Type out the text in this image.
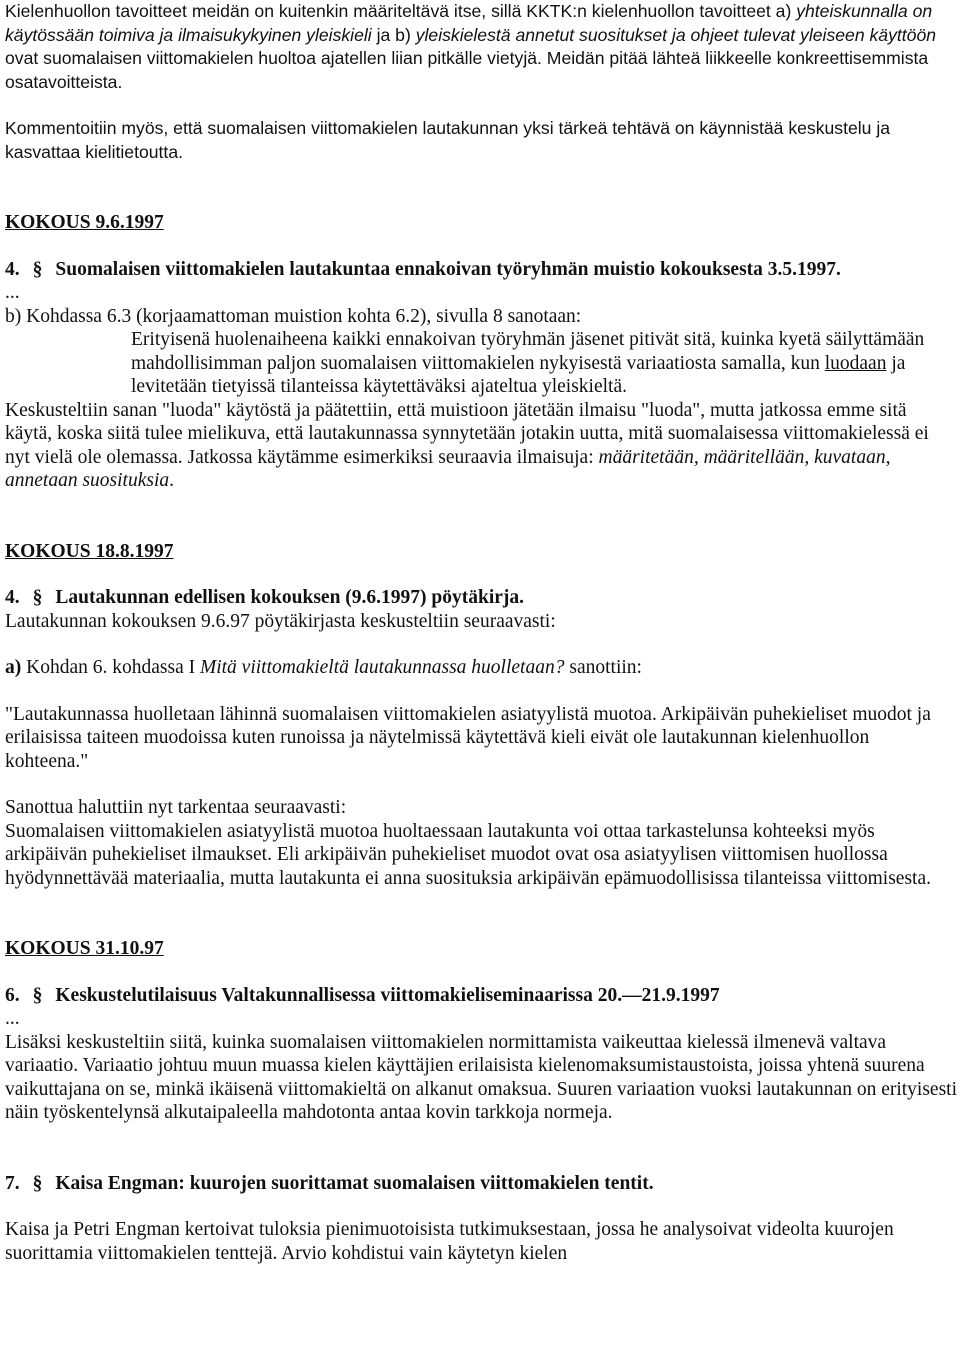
Kielenhuollon tavoitteet meidän on kuitenkin määriteltävä itse, sillä KKTK:n kielenhuollon tavoitteet a) yhteiskunnalla on käytössään toimiva ja ilmaisukykyinen yleiskieli ja b) yleiskielestä annetut suositukset ja ohjeet tulevat yleiseen käyttöön ovat suomalaisen viittomakielen huoltoa ajatellen liian pitkälle vietyjä. Meidän pitää lähteä liikkeelle konkreettisemmista osatavoitteista.

Kommentoitiin myös, että suomalaisen viittomakielen lautakunnan yksi tärkeä tehtävä on käynnistää keskustelu ja kasvattaa kielitietoutta.

KOKOUS 9.6.1997

4. § Suomalaisen viittomakielen lautakuntaa ennakoivan työryhmän muistio kokouksesta 3.5.1997.

...

b) Kohdassa 6.3 (korjaamattoman muistion kohta 6.2), sivulla 8 sanotaan:

Erityisenä huolenaiheena kaikki ennakoivan työryhmän jäsenet pitivät sitä, kuinka kyetä säilyttämään mahdollisimman paljon suomalaisen viittomakielen nykyisestä variaatiosta samalla, kun luodaan ja levitetään tietyissä tilanteissa käytettäväksi ajateltua yleiskieltä.

Keskusteltiin sanan "luoda" käytöstä ja päätettiin, että muistioon jätetään ilmaisu "luoda", mutta jatkossa emme sitä käytä, koska siitä tulee mielikuva, että lautakunnassa synnytetään jotakin uutta, mitä suomalaisessa viittomakielessä ei nyt vielä ole olemassa. Jatkossa käytämme esimerkiksi seuraavia ilmaisuja: määritetään, määritellään, kuvataan, annetaan suosituksia.

KOKOUS 18.8.1997

4. § Lautakunnan edellisen kokouksen (9.6.1997) pöytäkirja.

Lautakunnan kokouksen 9.6.97 pöytäkirjasta keskusteltiin seuraavasti:

a) Kohdan 6. kohdassa I Mitä viittomakieltä lautakunnassa huolletaan? sanottiin:

"Lautakunnassa huolletaan lähinnä suomalaisen viittomakielen asiatyylistä muotoa. Arkipäivän puhekieliset muodot ja erilaisissa taiteen muodoissa kuten runoissa ja näytelmissä käytettävä kieli eivät ole lautakunnan kielenhuollon kohteena."

Sanottua haluttiin nyt tarkentaa seuraavasti:

Suomalaisen viittomakielen asiatyylistä muotoa huoltaessaan lautakunta voi ottaa tarkastelunsa kohteeksi myös arkipäivän puhekieliset ilmaukset. Eli arkipäivän puhekieliset muodot ovat osa asiatyylisen viittomisen huollossa hyödynnettävää materiaalia, mutta lautakunta ei anna suosituksia arkipäivän epämuodollisissa tilanteissa viittomisesta.

KOKOUS 31.10.97

6. § Keskustelutilaisuus Valtakunnallisessa viittomakieliseminaarissa 20.—21.9.1997

...

Lisäksi keskusteltiin siitä, kuinka suomalaisen viittomakielen normittamista vaikeuttaa kielessä ilmenevä valtava variaatio. Variaatio johtuu muun muassa kielen käyttäjien erilaisista kielenomaksumistaustoista, joissa yhtenä suurena vaikuttajana on se, minkä ikäisenä viittomakieltä on alkanut omaksua. Suuren variaation vuoksi lautakunnan on erityisesti näin työskentelynsä alkutaipaleella mahdotonta antaa kovin tarkkoja normeja.

7. § Kaisa Engman: kuurojen suorittamat suomalaisen viittomakielen tentit.

Kaisa ja Petri Engman kertoivat tuloksia pienimuotoisista tutkimuksestaan, jossa he analysoivat videolta kuurojen suorittamia viittomakielen tenttejä. Arvio kohdistui vain käytetyn kielen
